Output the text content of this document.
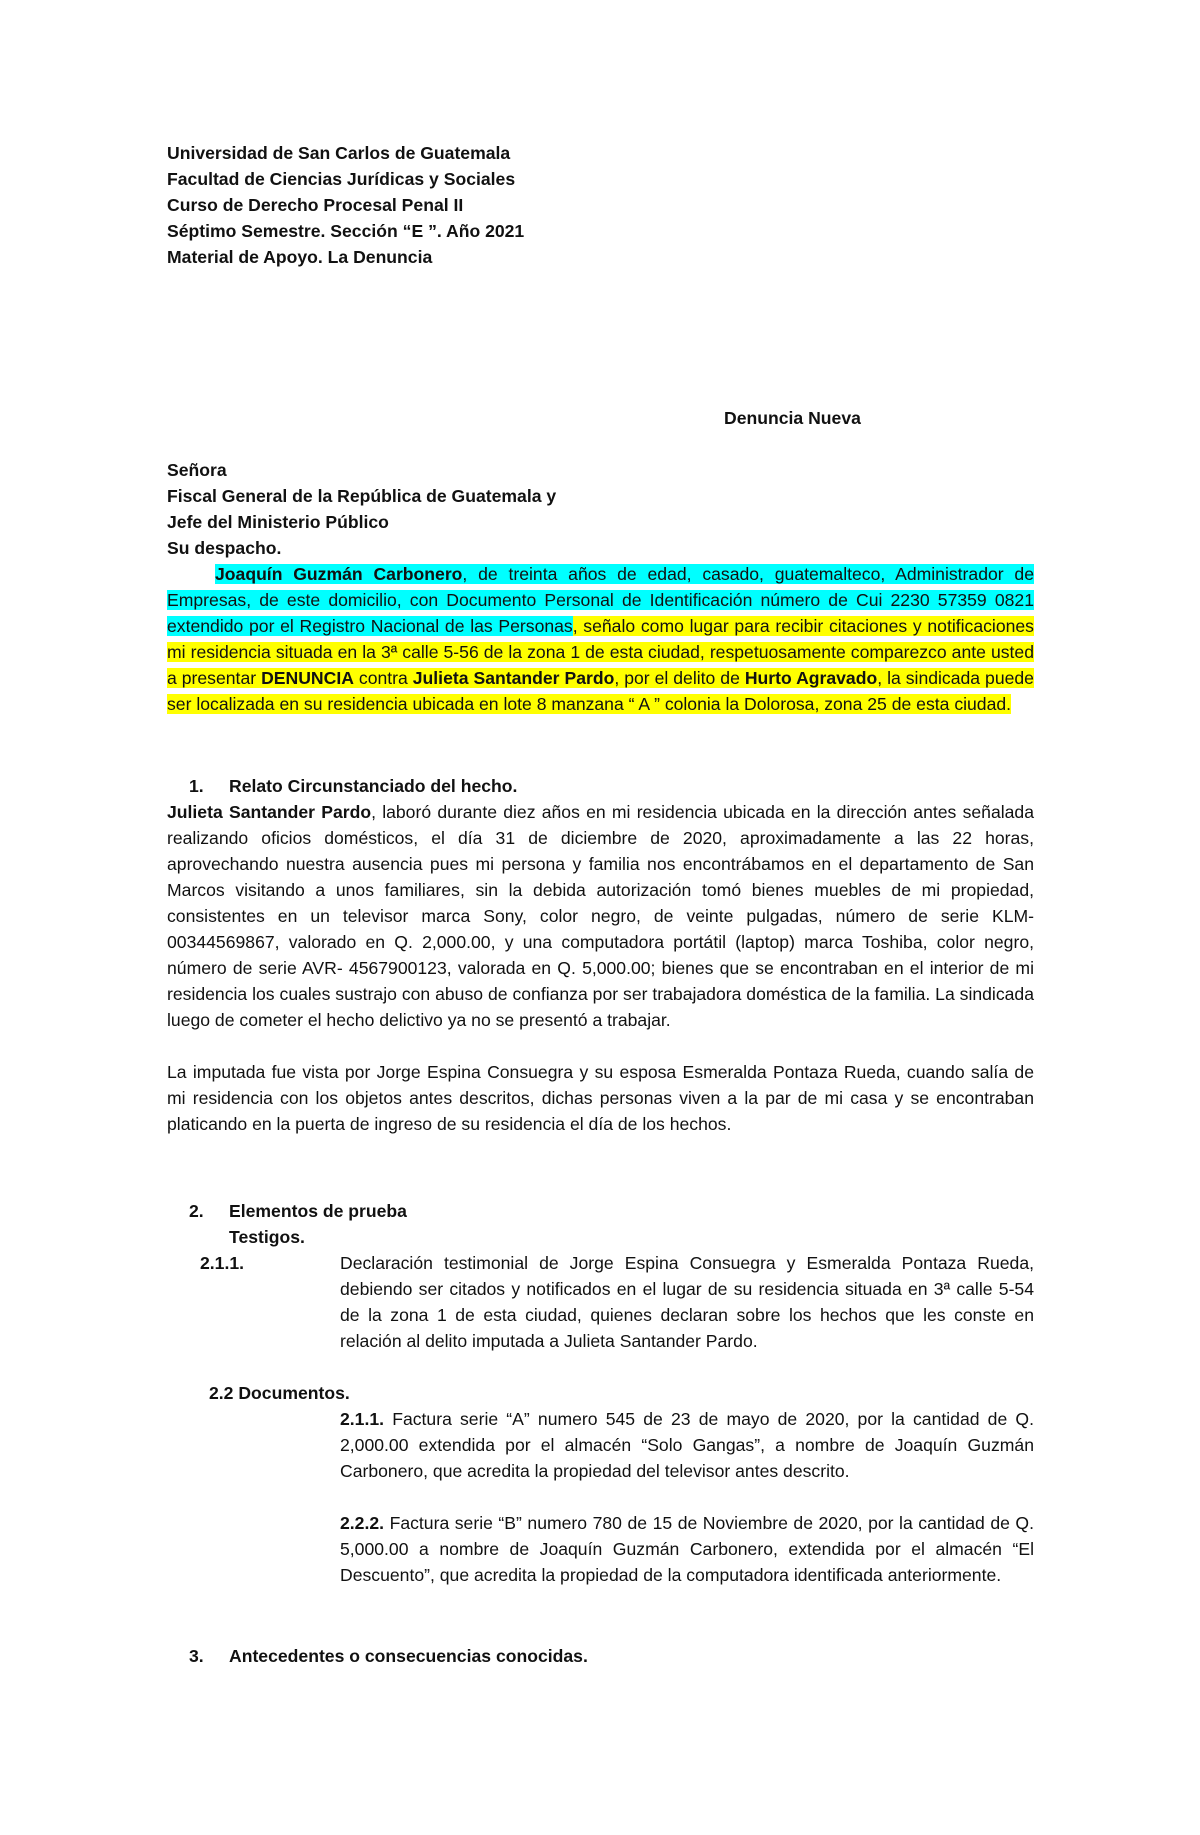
Universidad de San Carlos de Guatemala
Facultad de Ciencias Jurídicas y Sociales
Curso de Derecho Procesal Penal II
Séptimo Semestre. Sección “E ”. Año 2021
Material de Apoyo. La Denuncia
Denuncia Nueva
Señora
Fiscal General de la República de Guatemala y
Jefe del Ministerio Público
Su despacho.

Joaquín Guzmán Carbonero, de treinta años de edad, casado, guatemalteco, Administrador de Empresas, de este domicilio, con Documento Personal de Identificación número de Cui 2230 57359 0821 extendido por el Registro Nacional de las Personas, señalo como lugar para recibir citaciones y notificaciones mi residencia situada en la 3ª calle 5-56 de la zona 1 de esta ciudad, respetuosamente comparezco ante usted a presentar DENUNCIA contra Julieta Santander Pardo, por el delito de Hurto Agravado, la sindicada puede ser localizada en su residencia ubicada en lote 8 manzana “ A ” colonia la Dolorosa, zona 25 de esta ciudad.

1. Relato Circunstanciado del hecho.

Julieta Santander Pardo, laboró durante diez años en mi residencia ubicada en la dirección antes señalada realizando oficios domésticos, el día 31 de diciembre de 2020, aproximadamente a las 22 horas, aprovechando nuestra ausencia pues mi persona y familia nos encontrábamos en el departamento de San Marcos visitando a unos familiares, sin la debida autorización tomó bienes muebles de mi propiedad, consistentes en un televisor marca Sony, color negro, de veinte pulgadas, número de serie KLM- 00344569867, valorado en Q. 2,000.00, y una computadora portátil (laptop) marca Toshiba, color negro, número de serie AVR- 4567900123, valorada en Q. 5,000.00; bienes que se encontraban en el interior de mi residencia los cuales sustrajo con abuso de confianza por ser trabajadora doméstica de la familia. La sindicada luego de cometer el hecho delictivo ya no se presentó a trabajar.

La imputada fue vista por Jorge Espina Consuegra y su esposa Esmeralda Pontaza Rueda, cuando salía de mi residencia con los objetos antes descritos, dichas personas viven a la par de mi casa y se encontraban platicando en la puerta de ingreso de su residencia el día de los hechos.

2. Elementos de prueba
Testigos.

2.1.1.	Declaración testimonial de Jorge Espina Consuegra y Esmeralda Pontaza Rueda, debiendo ser citados y notificados en el lugar de su residencia situada en 3ª calle 5-54 de la zona 1 de esta ciudad, quienes declaran sobre los hechos que les conste en relación al delito imputada a Julieta Santander Pardo.

2.2 Documentos.

2.1.1. Factura serie “A” numero 545 de 23 de mayo de 2020, por la cantidad de Q. 2,000.00 extendida por el almacén “Solo Gangas”, a nombre de Joaquín Guzmán Carbonero, que acredita la propiedad del televisor antes descrito.

2.2.2. Factura serie “B” numero 780 de 15 de Noviembre de 2020, por la cantidad de Q. 5,000.00 a nombre de Joaquín Guzmán Carbonero, extendida por el almacén “El Descuento”, que acredita la propiedad de la computadora identificada anteriormente.

3. Antecedentes o consecuencias conocidas.
